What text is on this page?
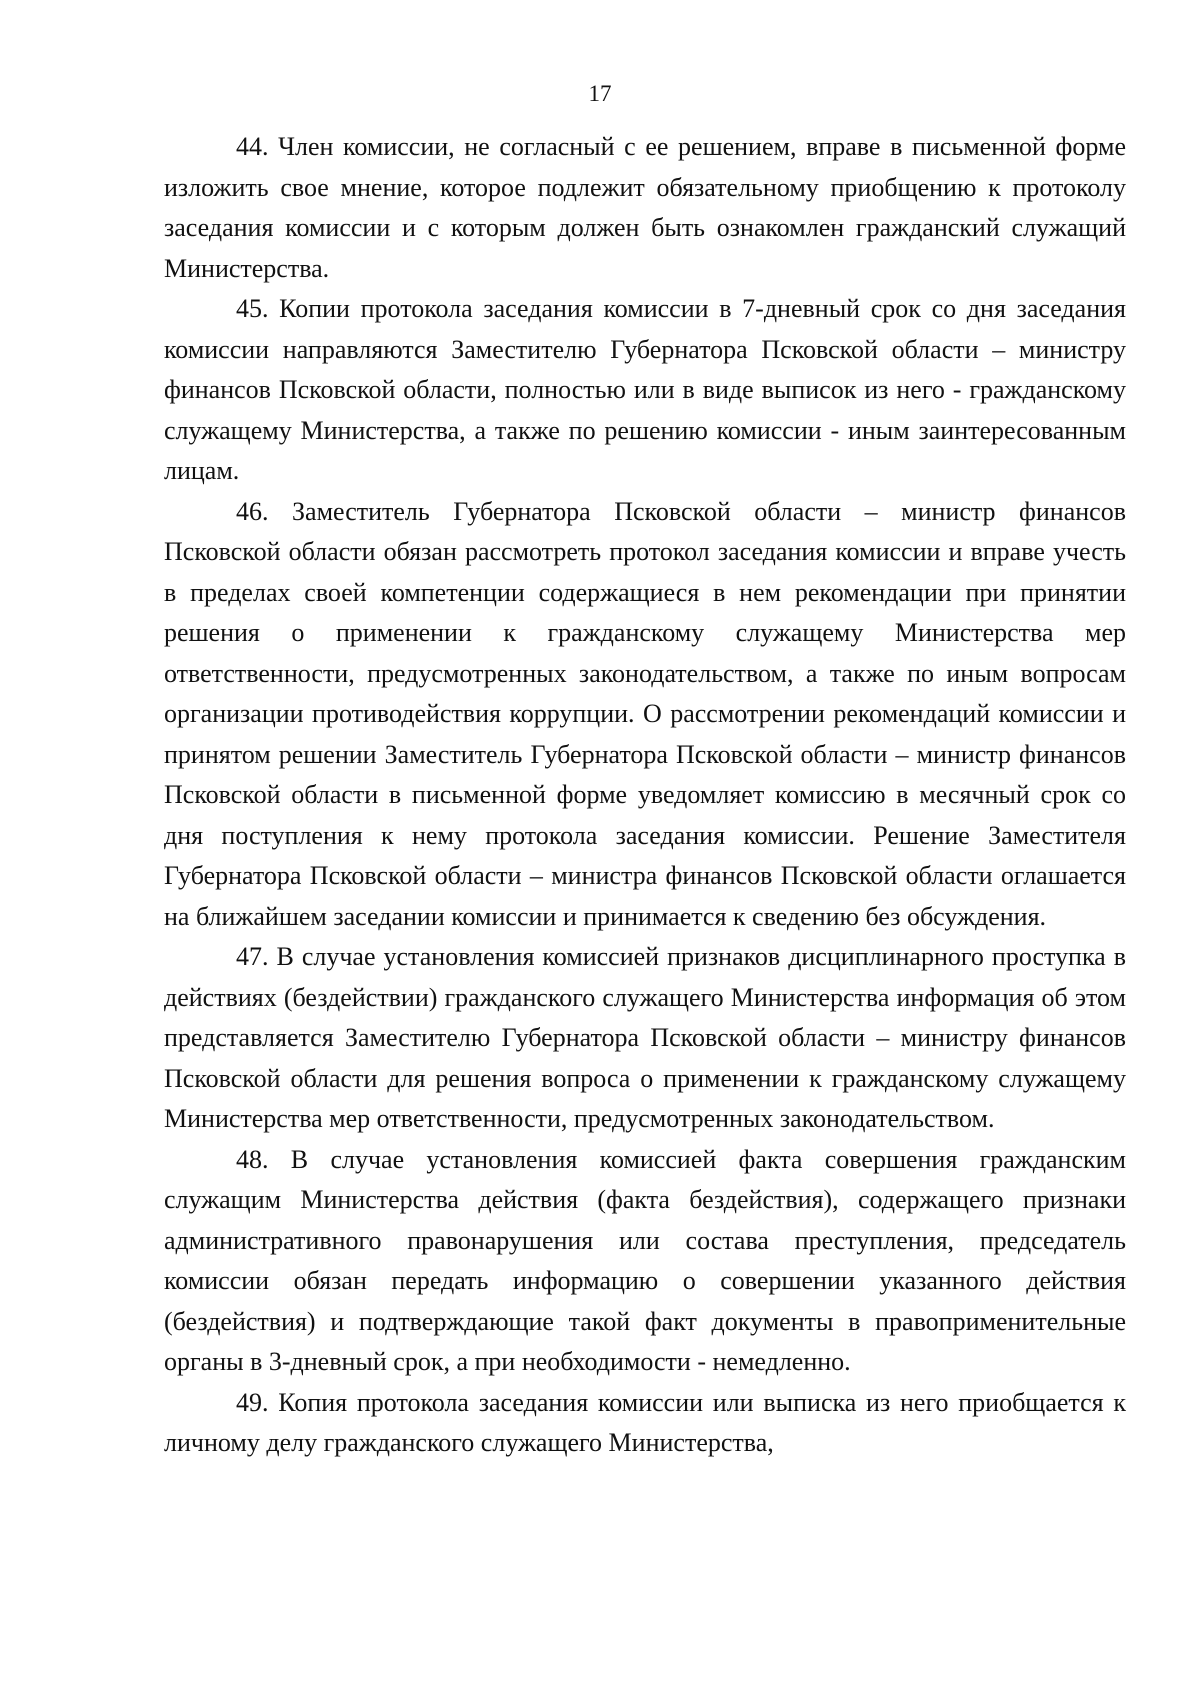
17

44. Член комиссии, не согласный с ее решением, вправе в письменной форме изложить свое мнение, которое подлежит обязательному приобщению к протоколу заседания комиссии и с которым должен быть ознакомлен гражданский служащий Министерства.

45. Копии протокола заседания комиссии в 7-дневный срок со дня заседания комиссии направляются Заместителю Губернатора Псковской области – министру финансов Псковской области, полностью или в виде выписок из него - гражданскому служащему Министерства, а также по решению комиссии - иным заинтересованным лицам.

46. Заместитель Губернатора Псковской области – министр финансов Псковской области обязан рассмотреть протокол заседания комиссии и вправе учесть в пределах своей компетенции содержащиеся в нем рекомендации при принятии решения о применении к гражданскому служащему Министерства мер ответственности, предусмотренных законодательством, а также по иным вопросам организации противодействия коррупции. О рассмотрении рекомендаций комиссии и принятом решении Заместитель Губернатора Псковской области – министр финансов Псковской области в письменной форме уведомляет комиссию в месячный срок со дня поступления к нему протокола заседания комиссии. Решение Заместителя Губернатора Псковской области – министра финансов Псковской области оглашается на ближайшем заседании комиссии и принимается к сведению без обсуждения.

47. В случае установления комиссией признаков дисциплинарного проступка в действиях (бездействии) гражданского служащего Министерства информация об этом представляется Заместителю Губернатора Псковской области – министру финансов Псковской области для решения вопроса о применении к гражданскому служащему Министерства мер ответственности, предусмотренных законодательством.

48. В случае установления комиссией факта совершения гражданским служащим Министерства действия (факта бездействия), содержащего признаки административного правонарушения или состава преступления, председатель комиссии обязан передать информацию о совершении указанного действия (бездействия) и подтверждающие такой факт документы в правоприменительные органы в 3-дневный срок, а при необходимости - немедленно.

49. Копия протокола заседания комиссии или выписка из него приобщается к личному делу гражданского служащего Министерства,
